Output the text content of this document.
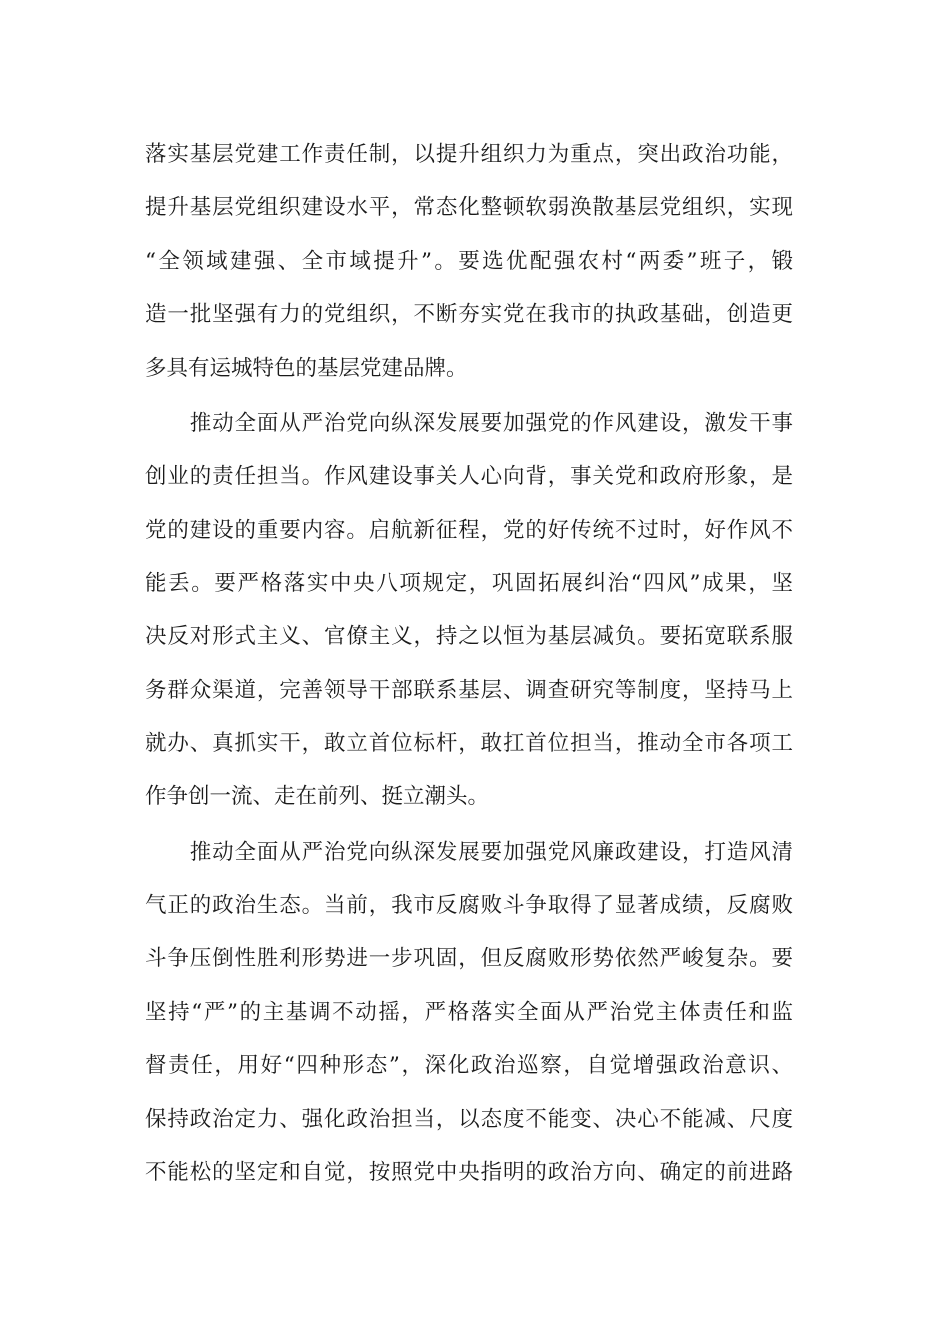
落实基层党建工作责任制，以提升组织力为重点，突出政治功能，
提升基层党组织建设水平，常态化整顿软弱涣散基层党组织，实现
“全领域建强、全市域提升”。要选优配强农村“两委”班子，锻
造一批坚强有力的党组织，不断夯实党在我市的执政基础，创造更
多具有运城特色的基层党建品牌。
　　推动全面从严治党向纵深发展要加强党的作风建设，激发干事
创业的责任担当。作风建设事关人心向背，事关党和政府形象，是
党的建设的重要内容。启航新征程，党的好传统不过时，好作风不
能丢。要严格落实中央八项规定，巩固拓展纠治“四风”成果，坚
决反对形式主义、官僚主义，持之以恒为基层减负。要拓宽联系服
务群众渠道，完善领导干部联系基层、调查研究等制度，坚持马上
就办、真抓实干，敢立首位标杆，敢扛首位担当，推动全市各项工
作争创一流、走在前列、挺立潮头。
　　推动全面从严治党向纵深发展要加强党风廉政建设，打造风清
气正的政治生态。当前，我市反腐败斗争取得了显著成绩，反腐败
斗争压倒性胜利形势进一步巩固，但反腐败形势依然严峻复杂。要
坚持“严”的主基调不动摇，严格落实全面从严治党主体责任和监
督责任，用好“四种形态”，深化政治巡察，自觉增强政治意识、
保持政治定力、强化政治担当，以态度不能变、决心不能减、尺度
不能松的坚定和自觉，按照党中央指明的政治方向、确定的前进路
